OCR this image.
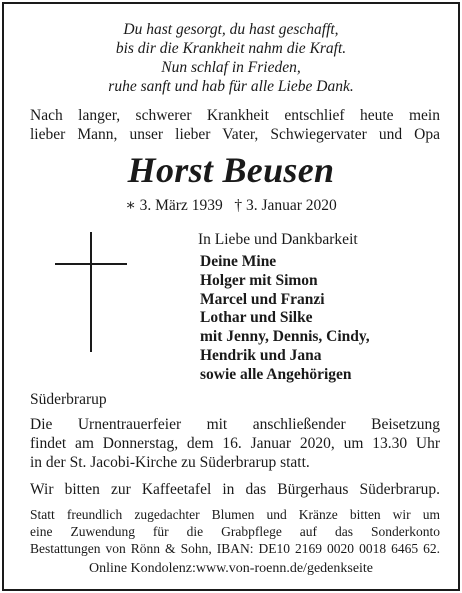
Du hast gesorgt, du hast geschafft,
bis dir die Krankheit nahm die Kraft.
Nun schlaf in Frieden,
ruhe sanft und hab für alle Liebe Dank.
Nach langer, schwerer Krankheit entschlief heute mein
lieber Mann, unser lieber Vater, Schwiegervater und Opa
Horst Beusen
∗ 3. März 1939   † 3. Januar 2020
In Liebe und Dankbarkeit
Deine Mine
Holger mit Simon
Marcel und Franzi
Lothar und Silke
mit Jenny, Dennis, Cindy,
Hendrik und Jana
sowie alle Angehörigen
Süderbrarup
Die Urnentrauerfeier mit anschließender Beisetzung
findet am Donnerstag, dem 16. Januar 2020, um 13.30 Uhr
in der St. Jacobi-Kirche zu Süderbrarup statt.
Wir bitten zur Kaffeetafel in das Bürgerhaus Süderbrarup.
Statt freundlich zugedachter Blumen und Kränze bitten wir um
eine Zuwendung für die Grabpflege auf das Sonderkonto
Bestattungen von Rönn & Sohn, IBAN: DE10 2169 0020 0018 6465 62.
Online Kondolenz:www.von-roenn.de/gedenkseite
